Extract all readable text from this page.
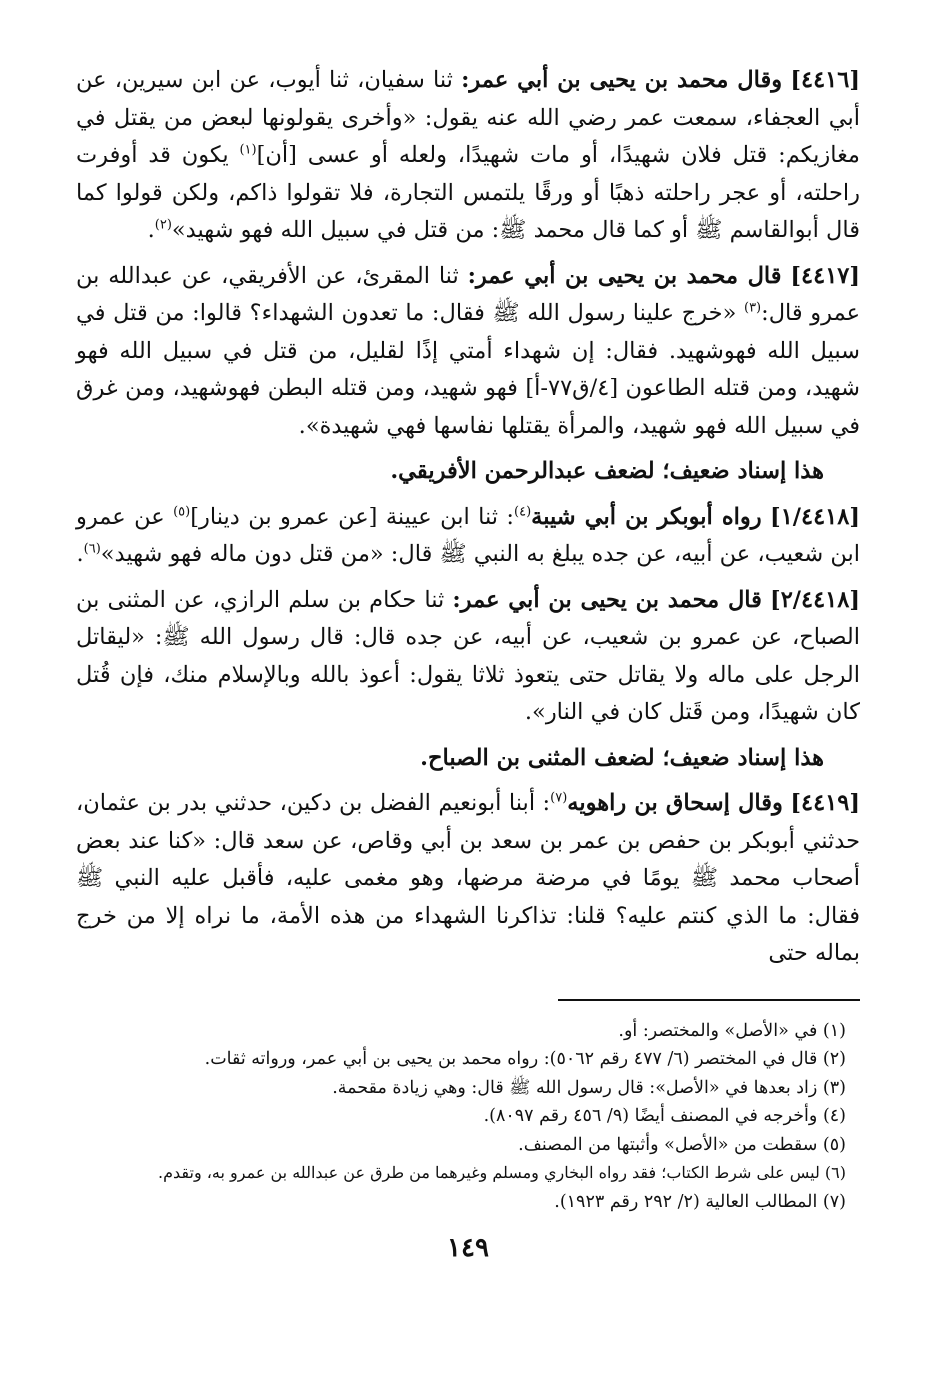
[٤٤١٦] وقال محمد بن يحيى بن أبي عمر: ثنا سفيان، ثنا أيوب، عن ابن سيرين، عن أبي العجفاء، سمعت عمر رضي الله عنه يقول: «وأخرى يقولونها لبعض من يقتل في مغازيكم: قتل فلان شهيدًا، أو مات شهيدًا، ولعله أو عسى [أن]$^{(١)}$ يكون قد أوفرت راحلته، أو عجر راحلته ذهبًا أو ورقًا يلتمس التجارة، فلا تقولوا ذاكم، ولكن قولوا كما قال أبوالقاسم ﷺ أو كما قال محمد ﷺ: من قتل في سبيل الله فهو شهيد»$^{(٢)}$.

[٤٤١٧] قال محمد بن يحيى بن أبي عمر: ثنا المقرئ، عن الأفريقي، عن عبدالله بن عمرو قال:$^{(٣)}$ «خرج علينا رسول الله ﷺ فقال: ما تعدون الشهداء؟ قالوا: من قتل في سبيل الله فهوشهيد. فقال: إن شهداء أمتي إذًا لقليل، من قتل في سبيل الله فهو شهيد، ومن قتله الطاعون [٤/ق٧٧-أ] فهو شهيد، ومن قتله البطن فهوشهيد، ومن غرق في سبيل الله فهو شهيد، والمرأة يقتلها نفاسها فهي شهيدة».

هذا إسناد ضعيف؛ لضعف عبدالرحمن الأفريقي.

[١/٤٤١٨] رواه أبوبكر بن أبي شيبة$^{(٤)}$: ثنا ابن عيينة [عن عمرو بن دينار]$^{(٥)}$ عن عمرو ابن شعيب، عن أبيه، عن جده يبلغ به النبي ﷺ قال: «من قتل دون ماله فهو شهيد»$^{(٦)}$.

[٢/٤٤١٨] قال محمد بن يحيى بن أبي عمر: ثنا حكام بن سلم الرازي، عن المثنى بن الصباح، عن عمرو بن شعيب، عن أبيه، عن جده قال: قال رسول الله ﷺ: «ليقاتل الرجل على ماله ولا يقاتل حتى يتعوذ ثلاثا يقول: أعوذ بالله وبالإسلام منك، فإن قُتل كان شهيدًا، ومن قَتل كان في النار».

هذا إسناد ضعيف؛ لضعف المثنى بن الصباح.

[٤٤١٩] وقال إسحاق بن راهويه$^{(٧)}$: أبنا أبونعيم الفضل بن دكين، حدثني بدر بن عثمان، حدثني أبوبكر بن حفص بن عمر بن سعد بن أبي وقاص، عن سعد قال: «كنا عند بعض أصحاب محمد ﷺ يومًا في مرضة مرضها، وهو مغمى عليه، فأقبل عليه النبي ﷺ فقال: ما الذي كنتم عليه؟ قلنا: تذاكرنا الشهداء من هذه الأمة، ما نراه إلا من خرج بماله حتى

(١) في «الأصل» والمختصر: أو.

(٢) قال في المختصر (٦/ ٤٧٧ رقم ٥٠٦٢): رواه محمد بن يحيى بن أبي عمر، ورواته ثقات.

(٣) زاد بعدها في «الأصل»: قال رسول الله ﷺ قال: وهي زيادة مقحمة.

(٤) وأخرجه في المصنف أيضًا (٩/ ٤٥٦ رقم ٨٠٩٧).

(٥) سقطت من «الأصل» وأثبتها من المصنف.

(٦) ليس على شرط الكتاب؛ فقد رواه البخاري ومسلم وغيرهما من طرق عن عبدالله بن عمرو به، وتقدم.

(٧) المطالب العالية (٢/ ٢٩٢ رقم ١٩٢٣).

١٤٩
